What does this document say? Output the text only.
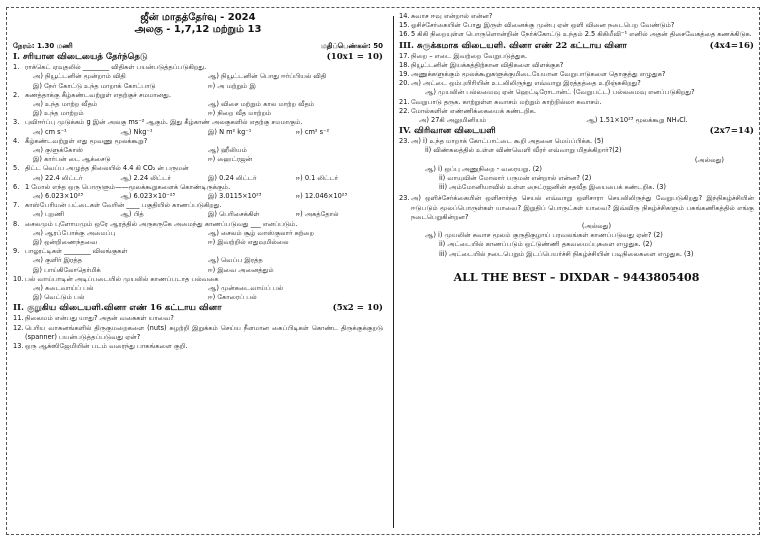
ஜீன் மாதத்தேர்வு - 2024
அலகு - 1,7,12 மற்றும் 13
நேரம்: 1.30 மணி	மதிப்பெண்கள்: 50
I. சரியான விடையைத் தேர்ந்தெடு	(10x1 = 10)
1. ராக்கெட் ஏவுதலில் ________ விதிகள் பயன்படுத்தப்படுகிறது.
அ) நியூட்டனின் மூன்றாம் விதி	ஆ) நியூட்டனின் பொது ஈர்ப்பியல் விதி
இ) நேர் கோட்டு உந்த மாறாக் கோட்பாடு	ஈ) அ மற்றும் இ
2. கணத்தாக்கு கீழ்கண்டவற்றுள் எதற்குச் சமமானது.
அ) உந்த மாற்ற வீதம்	ஆ) விசை மற்றும் கால மாற்ற வீதம்
இ) உந்த மாற்றம்	ஈ) நிறை வீத மாற்றம்
3. புவிஈர்ப்பு முடுக்கம் g இன் அலகு ms⁻² ஆகும். இது கீழ்காண் அலகுகளில் எதற்கு சமமாகும்.
அ) cm s⁻¹	ஆ) Nkg⁻¹	இ) N m² kg⁻¹	ஈ) cm² s⁻²
4. கீழ்கண்டவற்றுள் எது மூவணு மூலக்கூறு?
அ) குளுக்கோஸ்	ஆ) ஹீலியம்
இ) கார்பன் டை ஆக்சைடு	ஈ) ஹைட்ரஜன்
5. திட்ட வெப்ப அழுத்த நிலையில் 4.4 கி CO₂ ன் பருமன்
அ) 22.4 லிட்டர்	ஆ) 2.24 லிட்டர்	இ) 0.24 லிட்டர்	ஈ) 0.1 லிட்டர்
6. 1 மோல் எந்த ஒரு பொருளும்——மூலக்கூறுகளைக் கொண்டிருக்கும்.
அ) 6.023×10²³	ஆ) 6.023×10⁻²³	இ) 3.0115×10²³	ஈ) 12.046×10²³
7. காஸ்பேரியன் பட்டைகள் வேரின் ____ பகுதியில் காணப்படுகிறது.
அ) புறணி	ஆ) பித்	இ) பெரிசைக்கிள்	ஈ) அகத்தோல்
8. சைலமும் புளோயமும் ஒரே ஆரத்தில் அருகருகே அமைந்து காணப்படுவது ___ எனப்படும்.
அ) ஆரப்போக்கு அமைப்பு	ஆ) சைலம் சூழ் வாஸ்குலார் கற்றை
இ) ஒன்றிணைந்தவை	ஈ) இவற்றில் எதுவுமில்லை
9. பாலூட்டிகள் ________ விலங்குகள்
அ) குளிர் இரத்த	ஆ) வெப்ப இரத்த
இ) பாய்கிலோதெர்மிக்	ஈ) இவை அனைத்தும்
10. பல் வாய்பாடின் அடிப்படையில் முயலில் காணப்படாத பல்வகை
அ) கடைவாய்ப் பல்	ஆ) முன்கடைவாய்ப் பல்
இ) வெட்டும் பல்	ஈ) கோரைப் பல்
II. குறுகிய விடையளி.வினா எண் 16 கட்டாய வினா	(5x2 = 10)
11. நிலைமம் என்பது யாது? அதன் வகைகள் யாவை?
12. பெரிய வாகனங்களில் திருகுமறைகளை (nuts) சுழற்றி இறுக்கம் செய்ய நீளமான கைப்பிடிகள் கொண்ட திருக்குக்குறடு (spanner) பயன்படுத்தப்படுவது ஏன்?
13. ஒரு ஆக்ஸிஜேமியின் படம் வரைந்து பாகங்களை குறி.
14. சுவாச ஈவு என்றால் என்ன?
15. ஓசிச்சேர்கையின் போது இருள் வினைக்கு முன்பு ஏன் ஒளி வினை நடைபெற வேண்டும்?
16. 5 கிகி நிறையுள்ள பொருளொன்றின் நேர்க்கோட்டு உந்தம் 2.5 கிகிமீவி⁻¹ எனில் அதன் திசைவேகத்தை கணக்கிடுக.
III. சுருக்கமாக விடையளி. வினா எண் 22 கட்டாய வினா	(4x4=16)
17. நிறை – எடை இவற்றை வேறுபடுத்துக.
18. நியூட்டனின் இயக்கத்திற்கான விதிகளை விளக்குக?
19. அணுக்களுக்கும் மூலக்கூறுகளுக்குமிடையேயான வேறுபாடுகளை தொகுத்து எழுதுக?
20. அ) அட்டை ஒம்புயிரியின் உடலிலிருந்து எவ்வாறு இரத்தத்தை உறிஞ்சுகிறது?
ஆ) முயலின் பல்லமைவு ஏன் ஹெட்டிரோடான்ட் (வேறுபட்ட) பல்லமைவு எனப்படுகிறது?
21. வேறுபாடு தருக. காற்றுள்ள சுவாசம் மற்றும் காற்றில்லா சுவாசம்.
22. மோல்களின் எண்ணிக்கையைக் கண்டறிக.
அ) 27கி அலுமினியம்	ஆ) 1.51×10²³ மூலக்கூறு NH₄Cl.
IV. விரிவான விடையளி	(2x7=14)
23. அ) i) உந்த மாறாக் கோட்பாட்டை கூறி அதனை மெய்ப்பிக்க. (5)
ii) விண்கலத்தில் உள்ள விண்வெளி வீரர் எவ்வாறு மிதக்கிறார்?(2)
(அல்லது)
ஆ) i) ஒப்பு அணுநிறை - வரையறு. (2)
ii) வாயுவின் மோலார் பருமன் என்றால் என்ன? (2)
iii) அம்மோனியாவில் உள்ள நைட்ரஜனின் சதவீத இயைபைக் கண்டறிக. (3)
23. அ) ஒளிச்சேர்க்கையின் ஒளிசார்ந்த செயல் எவ்வாறு ஒளிசாரா செயலிலிருந்து வேறுபடுகிறது? இந்நிகழ்ச்சியின் ஈடுபடும் மூலப்பொருள்கள் யாவை? இறுதிப் பொருட்கள் யாவை? இவ்விரு நிகழ்ச்சிகளும் பசுங்கணிகத்தில் எங்கு நடைபெறுகின்றன?
(அல்லது)
ஆ) i) முயலின் சுவாச மூலம் குருதிகுழாய் பரவலங்கள் காணப்படுவது ஏன்? (2)
ii) அட்டையில் காணப்படும் ஒட்டுண்ணி தகவமைப்புகளை எழுதுக. (2)
iii) அட்டையில் நடைபெறும் இடப்பெயர்ச்சி நிகழ்ச்சியின் படிநிலைகளை எழுதுக. (3)
ALL THE BEST – DIXDAR – 9443805408
